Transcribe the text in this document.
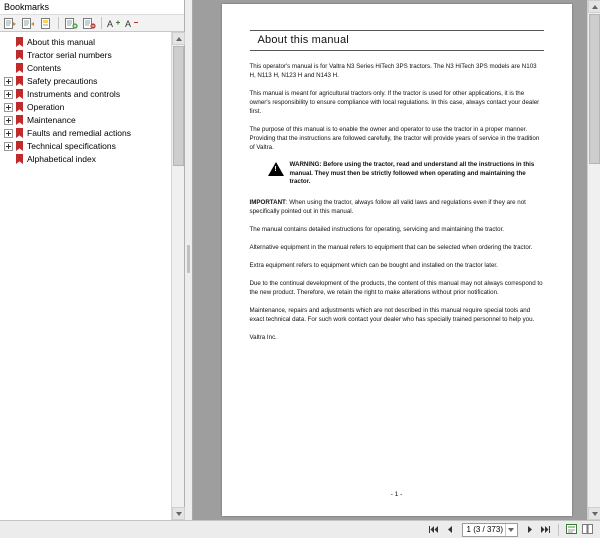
Bookmarks
A A
About this manual
Tractor serial numbers
Contents
Safety precautions
Instruments and controls
Operation
Maintenance
Faults and remedial actions
Technical specifications
Alphabetical index
About this manual

This operator's manual is for Valtra N3 Series HiTech 3PS tractors. The N3 HiTech 3PS models are N103 H, N113 H, N123 H and N143 H.

This manual is meant for agricultural tractors only. If the tractor is used for other applications, it is the owner's responsibility to ensure compliance with local regulations. In this case, always contact your dealer first.

The purpose of this manual is to enable the owner and operator to use the tractor in a proper manner. Providing that the instructions are followed carefully, the tractor will provide years of service in the tradition of Valtra.

!
WARNING: Before using the tractor, read and understand all the instructions in this manual. They must then be strictly followed when operating and maintaining the tractor.

IMPORTANT: When using the tractor, always follow all valid laws and regulations even if they are not specifically pointed out in this manual.

The manual contains detailed instructions for operating, servicing and maintaining the tractor.

Alternative equipment in the manual refers to equipment that can be selected when ordering the tractor.

Extra equipment refers to equipment which can be bought and installed on the tractor later.

Due to the continual development of the products, the content of this manual may not always correspond to the new product. Therefore, we retain the right to make alterations without prior notification.

Maintenance, repairs and adjustments which are not described in this manual require special tools and exact technical data. For such work contact your dealer who has specially trained personnel to help you.

Valtra Inc.

- 1 -
1 (3 / 373)
